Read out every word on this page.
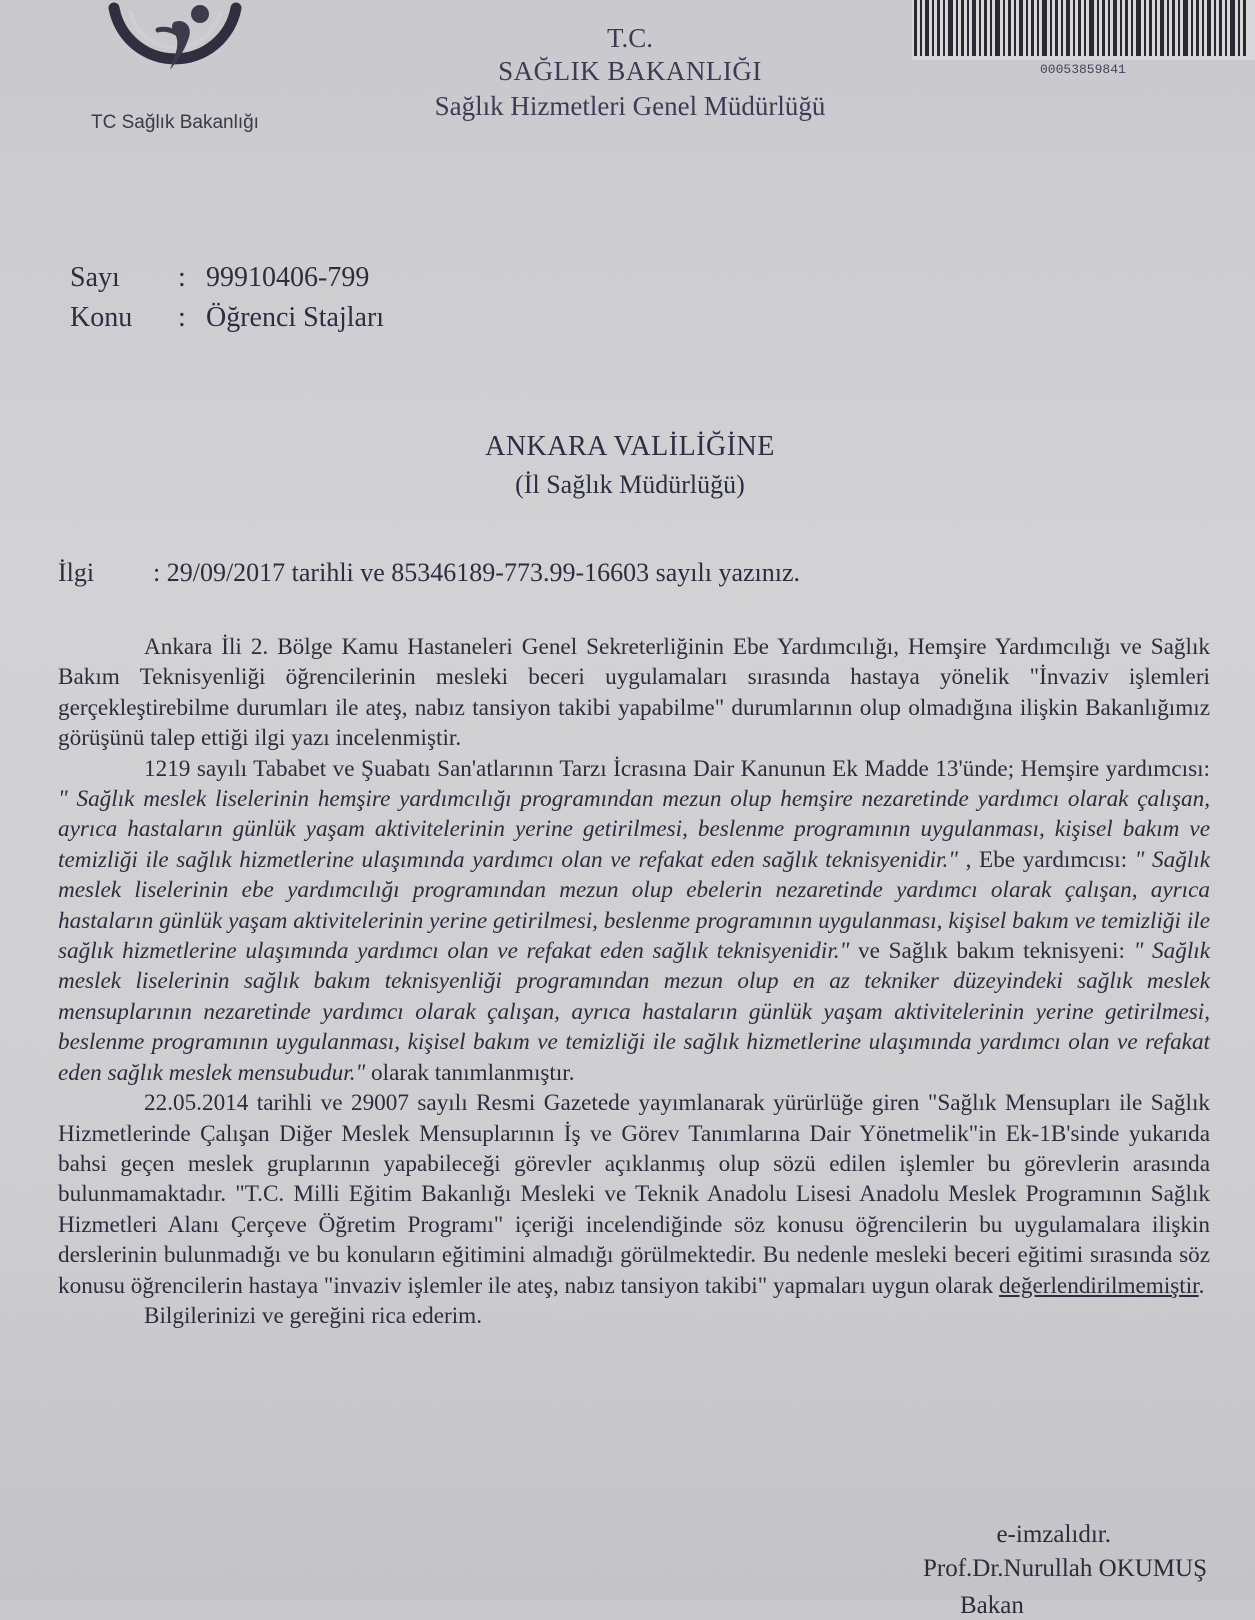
TC Sağlık Bakanlığı
T.C.
SAĞLIK BAKANLIĞI
Sağlık Hizmetleri Genel Müdürlüğü
00053859841
Sayı	: 99910406-799
Konu	: Öğrenci Stajları
ANKARA VALİLİĞİNE
(İl Sağlık Müdürlüğü)
İlgi	: 29/09/2017 tarihli ve 85346189-773.99-16603 sayılı yazınız.

Ankara İli 2. Bölge Kamu Hastaneleri Genel Sekreterliğinin Ebe Yardımcılığı, Hemşire Yardımcılığı ve Sağlık Bakım Teknisyenliği öğrencilerinin mesleki beceri uygulamaları sırasında hastaya yönelik "İnvaziv işlemleri gerçekleştirebilme durumları ile ateş, nabız tansiyon takibi yapabilme" durumlarının olup olmadığına ilişkin Bakanlığımız görüşünü talep ettiği ilgi yazı incelenmiştir.

1219 sayılı Tababet ve Şuabatı San'atlarının Tarzı İcrasına Dair Kanunun Ek Madde 13'ünde; Hemşire yardımcısı: " Sağlık meslek liselerinin hemşire yardımcılığı programından mezun olup hemşire nezaretinde yardımcı olarak çalışan, ayrıca hastaların günlük yaşam aktivitelerinin yerine getirilmesi, beslenme programının uygulanması, kişisel bakım ve temizliği ile sağlık hizmetlerine ulaşımında yardımcı olan ve refakat eden sağlık teknisyenidir." , Ebe yardımcısı: " Sağlık meslek liselerinin ebe yardımcılığı programından mezun olup ebelerin nezaretinde yardımcı olarak çalışan, ayrıca hastaların günlük yaşam aktivitelerinin yerine getirilmesi, beslenme programının uygulanması, kişisel bakım ve temizliği ile sağlık hizmetlerine ulaşımında yardımcı olan ve refakat eden sağlık teknisyenidir." ve Sağlık bakım teknisyeni: " Sağlık meslek liselerinin sağlık bakım teknisyenliği programından mezun olup en az tekniker düzeyindeki sağlık meslek mensuplarının nezaretinde yardımcı olarak çalışan, ayrıca hastaların günlük yaşam aktivitelerinin yerine getirilmesi, beslenme programının uygulanması, kişisel bakım ve temizliği ile sağlık hizmetlerine ulaşımında yardımcı olan ve refakat eden sağlık meslek mensubudur." olarak tanımlanmıştır.

22.05.2014 tarihli ve 29007 sayılı Resmi Gazetede yayımlanarak yürürlüğe giren "Sağlık Mensupları ile Sağlık Hizmetlerinde Çalışan Diğer Meslek Mensuplarının İş ve Görev Tanımlarına Dair Yönetmelik"in Ek-1B'sinde yukarıda bahsi geçen meslek gruplarının yapabileceği görevler açıklanmış olup sözü edilen işlemler bu görevlerin arasında bulunmamaktadır. "T.C. Milli Eğitim Bakanlığı Mesleki ve Teknik Anadolu Lisesi Anadolu Meslek Programının Sağlık Hizmetleri Alanı Çerçeve Öğretim Programı" içeriği incelendiğinde söz konusu öğrencilerin bu uygulamalara ilişkin derslerinin bulunmadığı ve bu konuların eğitimini almadığı görülmektedir. Bu nedenle mesleki beceri eğitimi sırasında söz konusu öğrencilerin hastaya "invaziv işlemler ile ateş, nabız tansiyon takibi" yapmaları uygun olarak değerlendirilmemiştir.

Bilgilerinizi ve gereğini rica ederim.

e-imzalıdır.
Prof.Dr.Nurullah OKUMUŞ
Bakan
